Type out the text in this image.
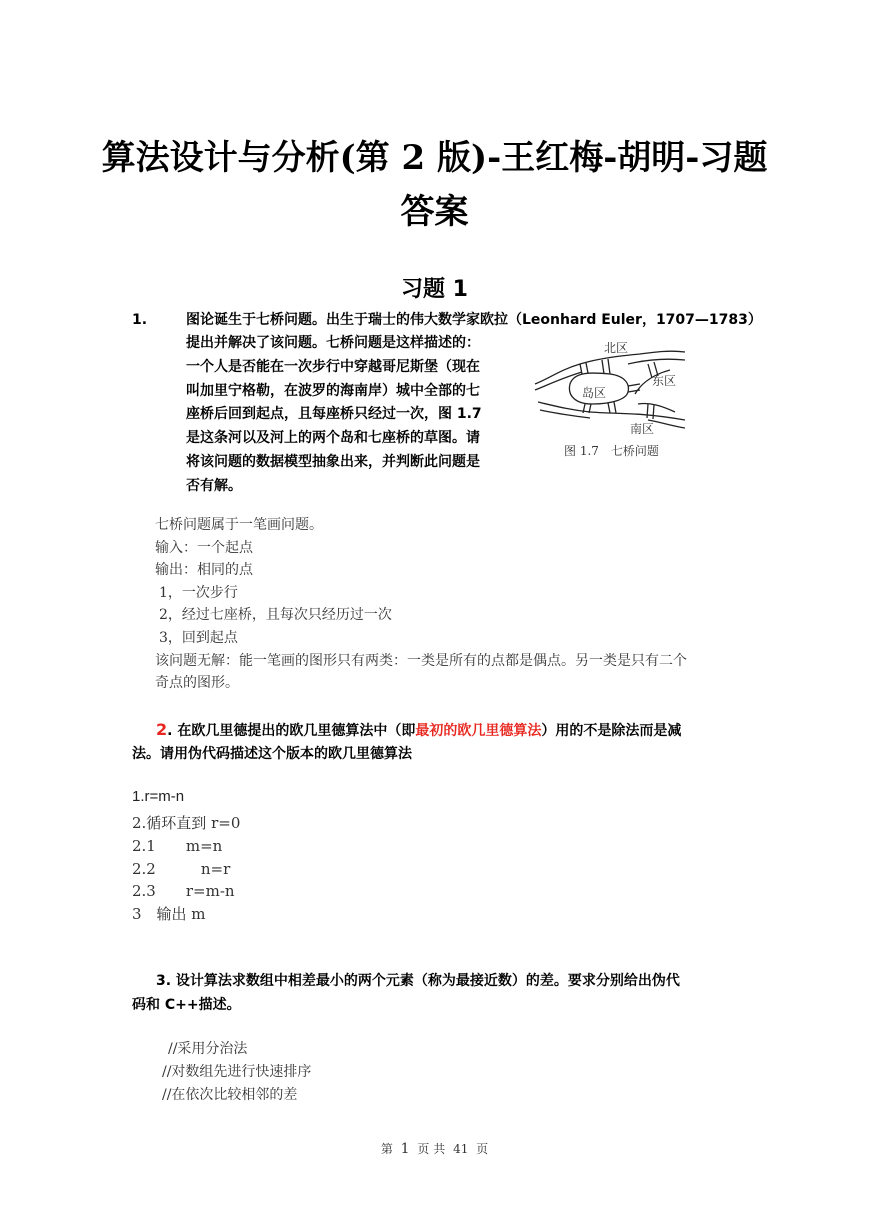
算法设计与分析(第 2 版)-王红梅-胡明-习题
答案
习题 1
1.	图论诞生于七桥问题。出生于瑞士的伟大数学家欧拉（Leonhard Euler，1707—1783）
提出并解决了该问题。七桥问题是这样描述的：
一个人是否能在一次步行中穿越哥尼斯堡（现在
叫加里宁格勒，在波罗的海南岸）城中全部的七
座桥后回到起点，且每座桥只经过一次，图 1.7
是这条河以及河上的两个岛和七座桥的草图。请
将该问题的数据模型抽象出来，并判断此问题是
否有解。
北区
岛区
东区
南区
图 1.7　七桥问题
七桥问题属于一笔画问题。
输入：一个起点
输出：相同的点
1，一次步行
2，经过七座桥，且每次只经历过一次
3，回到起点
该问题无解：能一笔画的图形只有两类：一类是所有的点都是偶点。另一类是只有二个
奇点的图形。
2. 在欧几里德提出的欧几里德算法中（即最初的欧几里德算法）用的不是除法而是减
法。请用伪代码描述这个版本的欧几里德算法
1.r=m-n
2.循环直到 r=0
2.1　　m=n
2.2　　　n=r
2.3　　r=m-n
3　输出 m
3. 设计算法求数组中相差最小的两个元素（称为最接近数）的差。要求分别给出伪代
码和 C++描述。
//采用分治法
//对数组先进行快速排序
//在依次比较相邻的差
第 1 页 共 41 页
